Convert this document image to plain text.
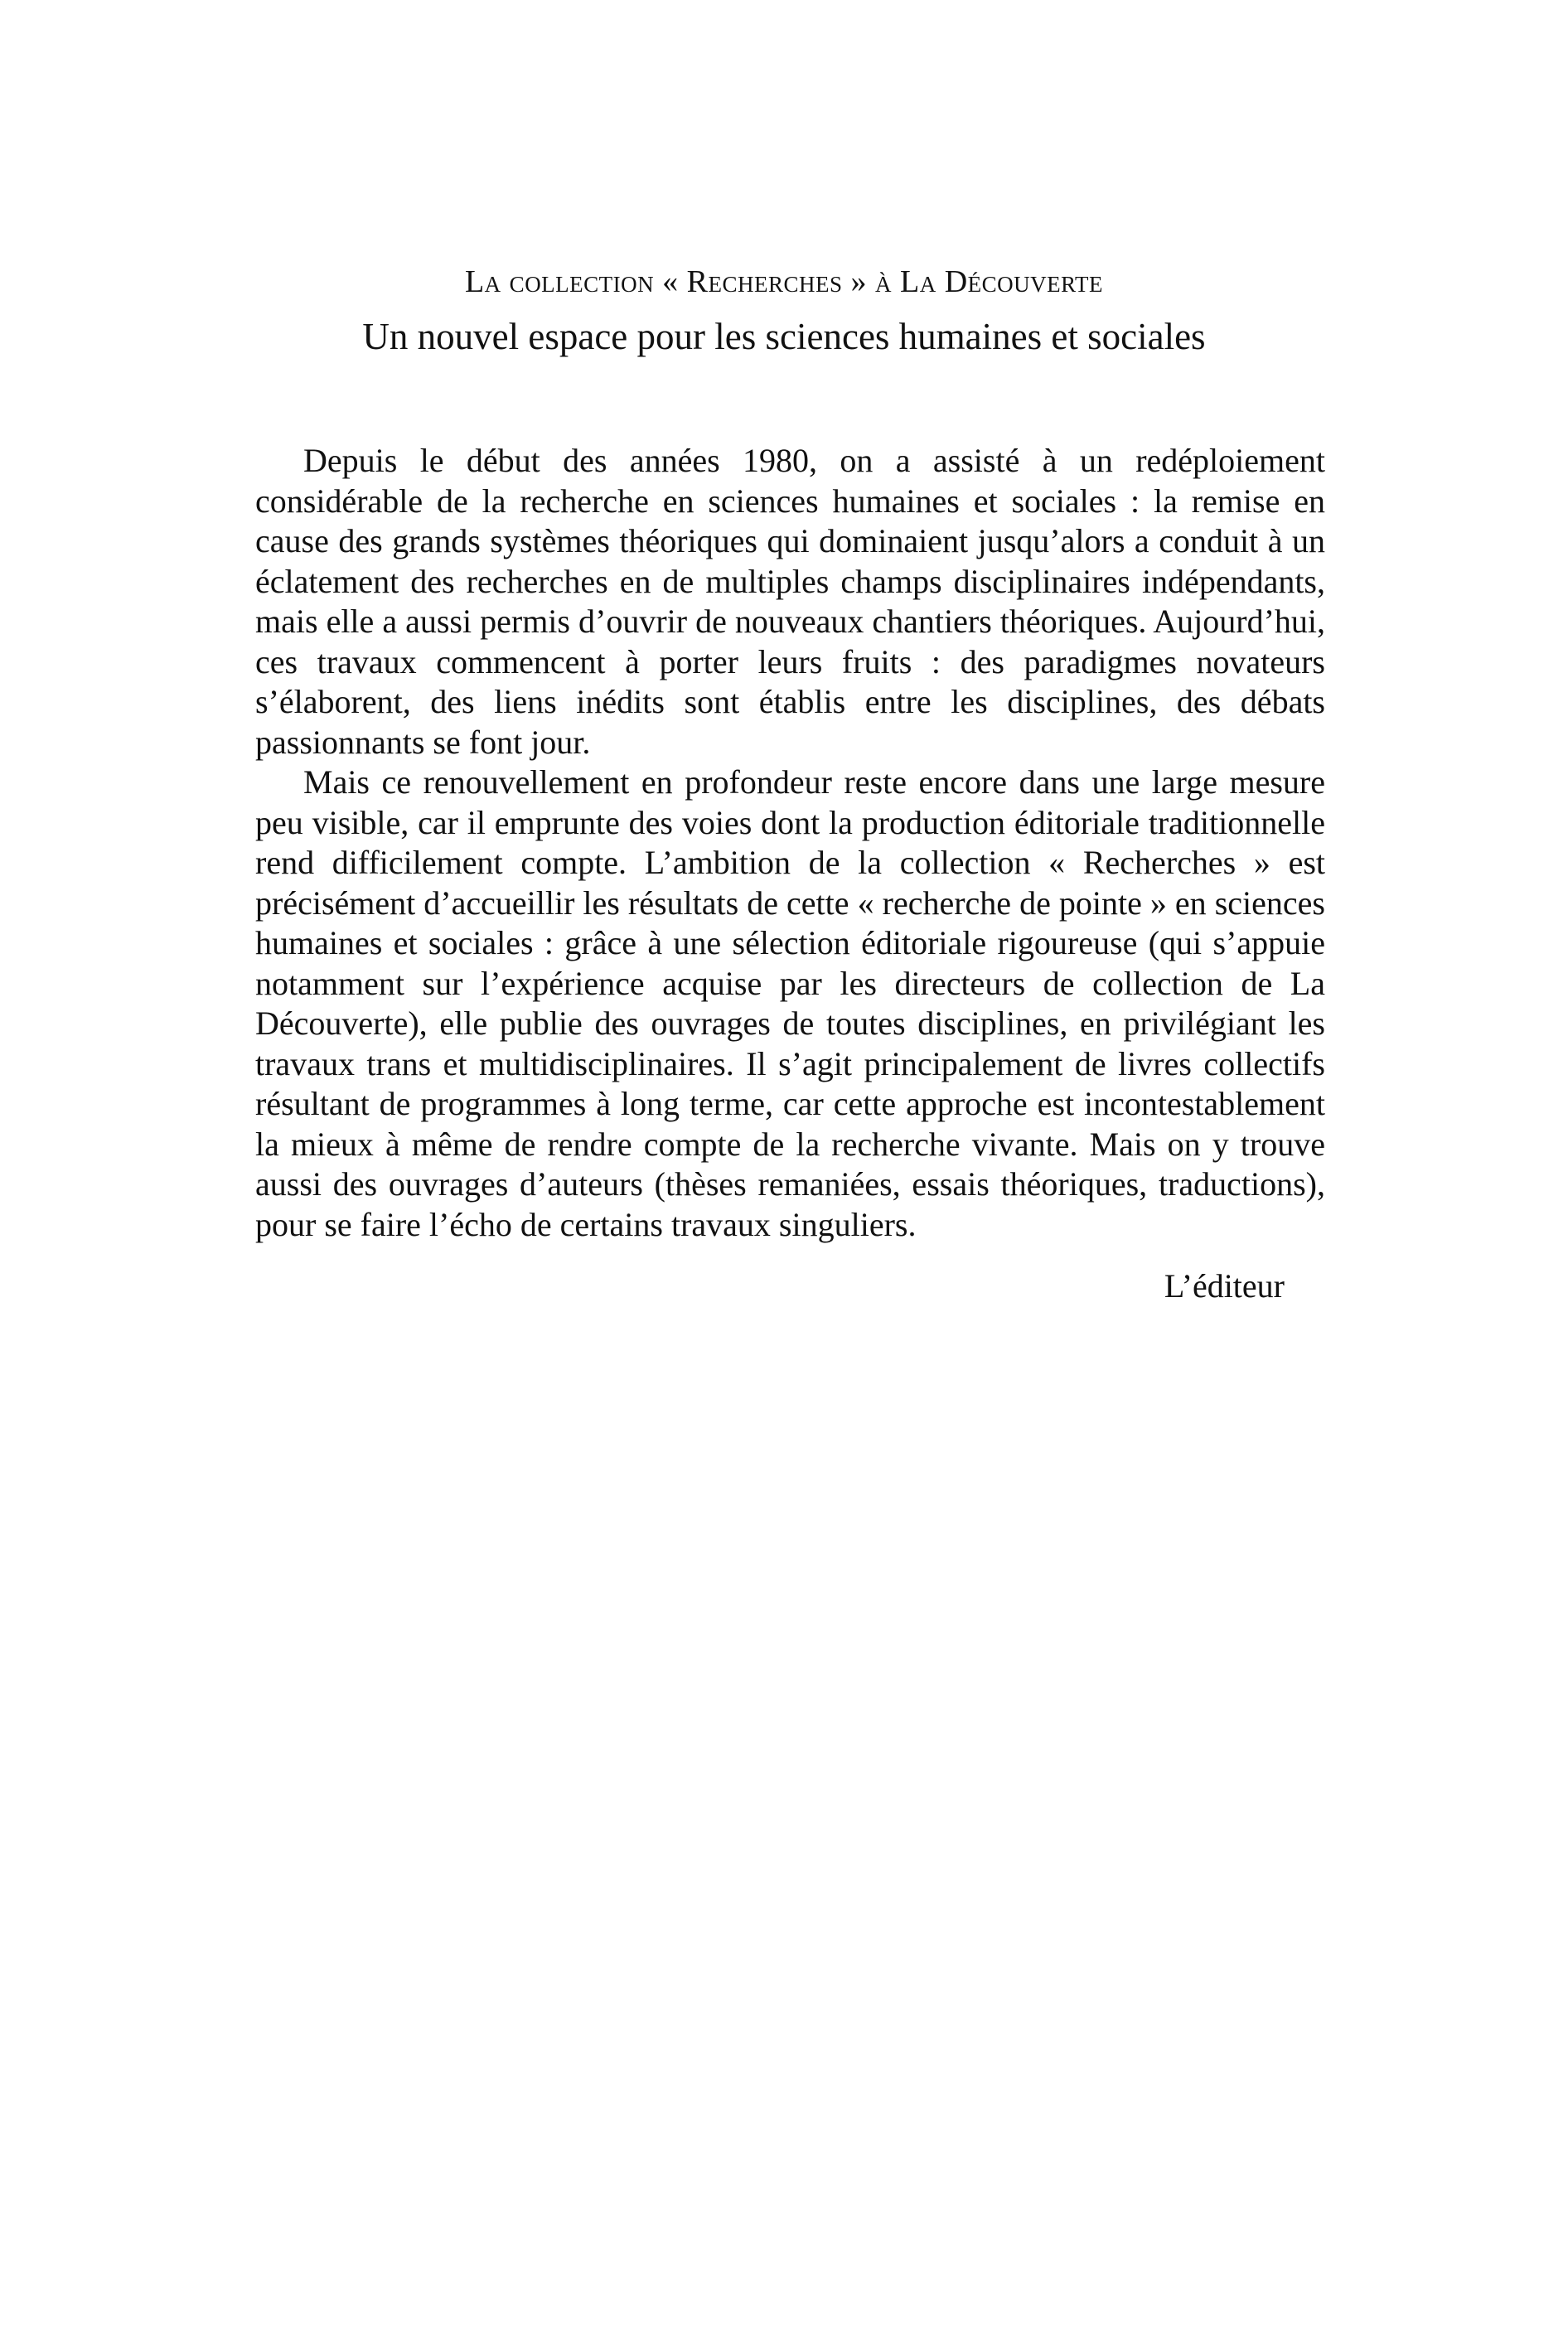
La collection « Recherches » à La Découverte
Un nouvel espace pour les sciences humaines et sociales

Depuis le début des années 1980, on a assisté à un redéploiement considérable de la recherche en sciences humaines et sociales : la remise en cause des grands systèmes théoriques qui dominaient jusqu’alors a conduit à un éclatement des recherches en de multiples champs disciplinaires indépendants, mais elle a aussi permis d’ouvrir de nouveaux chantiers théoriques. Aujourd’hui, ces travaux commencent à porter leurs fruits : des paradigmes novateurs s’élaborent, des liens inédits sont établis entre les disciplines, des débats passionnants se font jour.

Mais ce renouvellement en profondeur reste encore dans une large mesure peu visible, car il emprunte des voies dont la production éditoriale traditionnelle rend difficilement compte. L’ambition de la collection « Recherches » est précisément d’accueillir les résultats de cette « recherche de pointe » en sciences humaines et sociales : grâce à une sélection éditoriale rigoureuse (qui s’appuie notamment sur l’expérience acquise par les directeurs de collection de La Découverte), elle publie des ouvrages de toutes disciplines, en privilégiant les travaux trans et multidisciplinaires. Il s’agit principalement de livres collectifs résultant de programmes à long terme, car cette approche est incontestablement la mieux à même de rendre compte de la recherche vivante. Mais on y trouve aussi des ouvrages d’auteurs (thèses remaniées, essais théoriques, traductions), pour se faire l’écho de certains travaux singuliers.

L’éditeur
